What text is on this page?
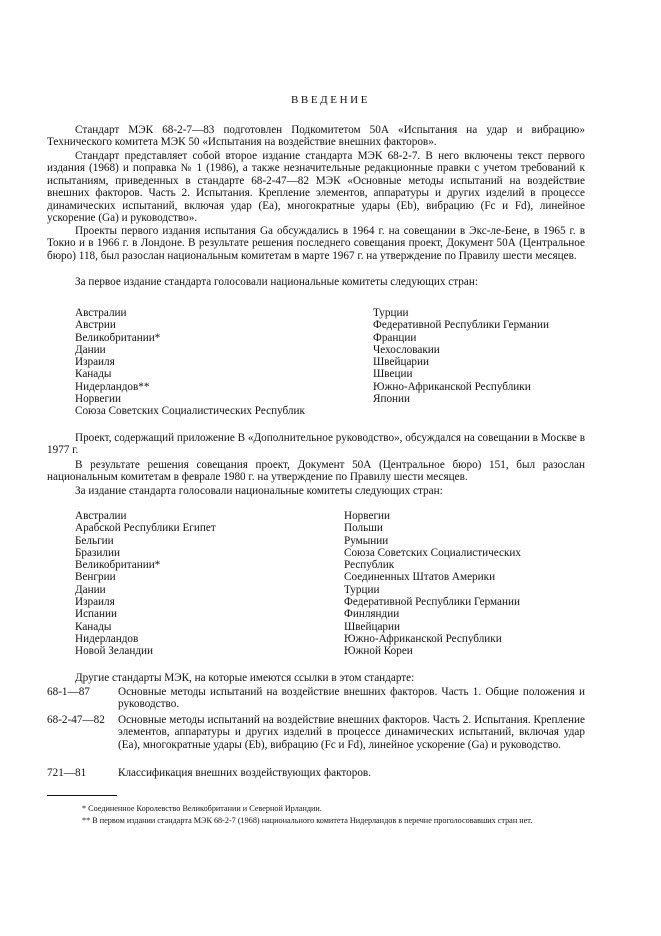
ВВЕДЕНИЕ

Стандарт МЭК 68-2-7—83 подготовлен Подкомитетом 50А «Испытания на удар и вибрацию» Технического комитета МЭК 50 «Испытания на воздействие внешних факторов».

Стандарт представляет собой второе издание стандарта МЭК 68-2-7. В него включены текст первого издания (1968) и поправка № 1 (1986), а также незначительные редакционные правки с учетом требований к испытаниям, приведенных в стандарте 68-2-47—82 МЭК «Основные методы испытаний на воздействие внешних факторов. Часть 2. Испытания. Крепление элементов, аппаратуры и других изделий в процессе динамических испытаний, включая удар (Ea), многократные удары (Eb), вибрацию (Fc и Fd), линейное ускорение (Ga) и руководство».

Проекты первого издания испытания Ga обсуждались в 1964 г. на совещании в Экс-ле-Бене, в 1965 г. в Токио и в 1966 г. в Лондоне. В результате решения последнего совещания проект, Документ 50А (Центральное бюро) 118, был разослан национальным комитетам в марте 1967 г. на утверждение по Правилу шести месяцев.

За первое издание стандарта голосовали национальные комитеты следующих стран:

Австралии
Австрии
Великобритании*
Дании
Израиля
Канады
Нидерландов**
Норвегии
Союза Советских Социалистических Республик
Турции
Федеративной Республики Германии
Франции
Чехословакии
Швейцарии
Швеции
Южно-Африканской Республики
Японии

Проект, содержащий приложение В «Дополнительное руководство», обсуждался на совещании в Москве в 1977 г.

В результате решения совещания проект, Документ 50А (Центральное бюро) 151, был разослан национальным комитетам в феврале 1980 г. на утверждение по Правилу шести месяцев.

За издание стандарта голосовали национальные комитеты следующих стран:

Австралии
Арабской Республики Египет
Бельгии
Бразилии
Великобритании*
Венгрии
Дании
Израиля
Испании
Канады
Нидерландов
Новой Зеландии
Норвегии
Польши
Румынии
Союза Советских Социалистических
Республик
Соединенных Штатов Америки
Турции
Федеративной Республики Германии
Финляндии
Швейцарии
Южно-Африканской Республики
Южной Кореи

Другие стандарты МЭК, на которые имеются ссылки в этом стандарте:

68-1—87	Основные методы испытаний на воздействие внешних факторов. Часть 1. Общие положения и руководство.
68-2-47—82 Основные методы испытаний на воздействие внешних факторов. Часть 2. Испытания. Крепление элементов, аппаратуры и других изделий в процессе динамических испытаний, включая удар (Ea), многократные удары (Eb), вибрацию (Fc и Fd), линейное ускорение (Ga) и руководство.
721—81	Классификация внешних воздействующих факторов.

* Соединенное Королевство Великобритании и Северной Ирландии.

** В первом издании стандарта МЭК 68-2-7 (1968) национального комитета Нидерландов в перечне проголосовавших стран нет.
